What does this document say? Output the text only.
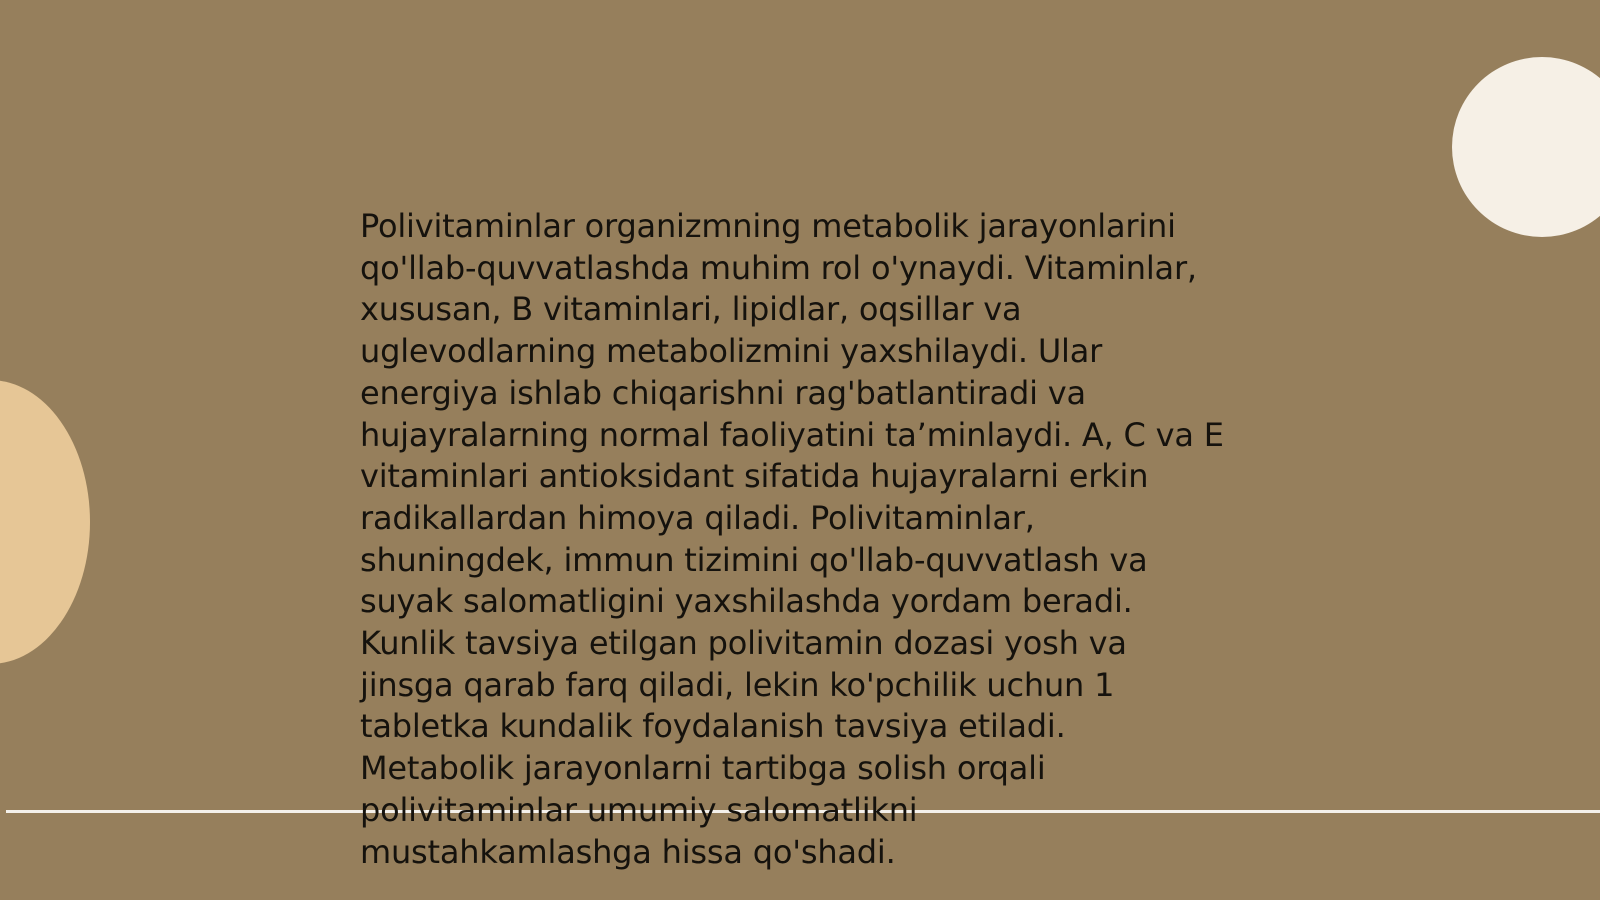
Polivitaminlar organizmning metabolik jarayonlarini
qo'llab-quvvatlashda muhim rol o'ynaydi. Vitaminlar,
xususan, B vitaminlari, lipidlar, oqsillar va
uglevodlarning metabolizmini yaxshilaydi. Ular
energiya ishlab chiqarishni rag'batlantiradi va
hujayralarning normal faoliyatini ta’minlaydi. A, C va E
vitaminlari antioksidant sifatida hujayralarni erkin
radikallardan himoya qiladi. Polivitaminlar,
shuningdek, immun tizimini qo'llab-quvvatlash va
suyak salomatligini yaxshilashda yordam beradi.
Kunlik tavsiya etilgan polivitamin dozasi yosh va
jinsga qarab farq qiladi, lekin ko'pchilik uchun 1
tabletka kundalik foydalanish tavsiya etiladi.
Metabolik jarayonlarni tartibga solish orqali
polivitaminlar umumiy salomatlikni
mustahkamlashga hissa qo'shadi.
